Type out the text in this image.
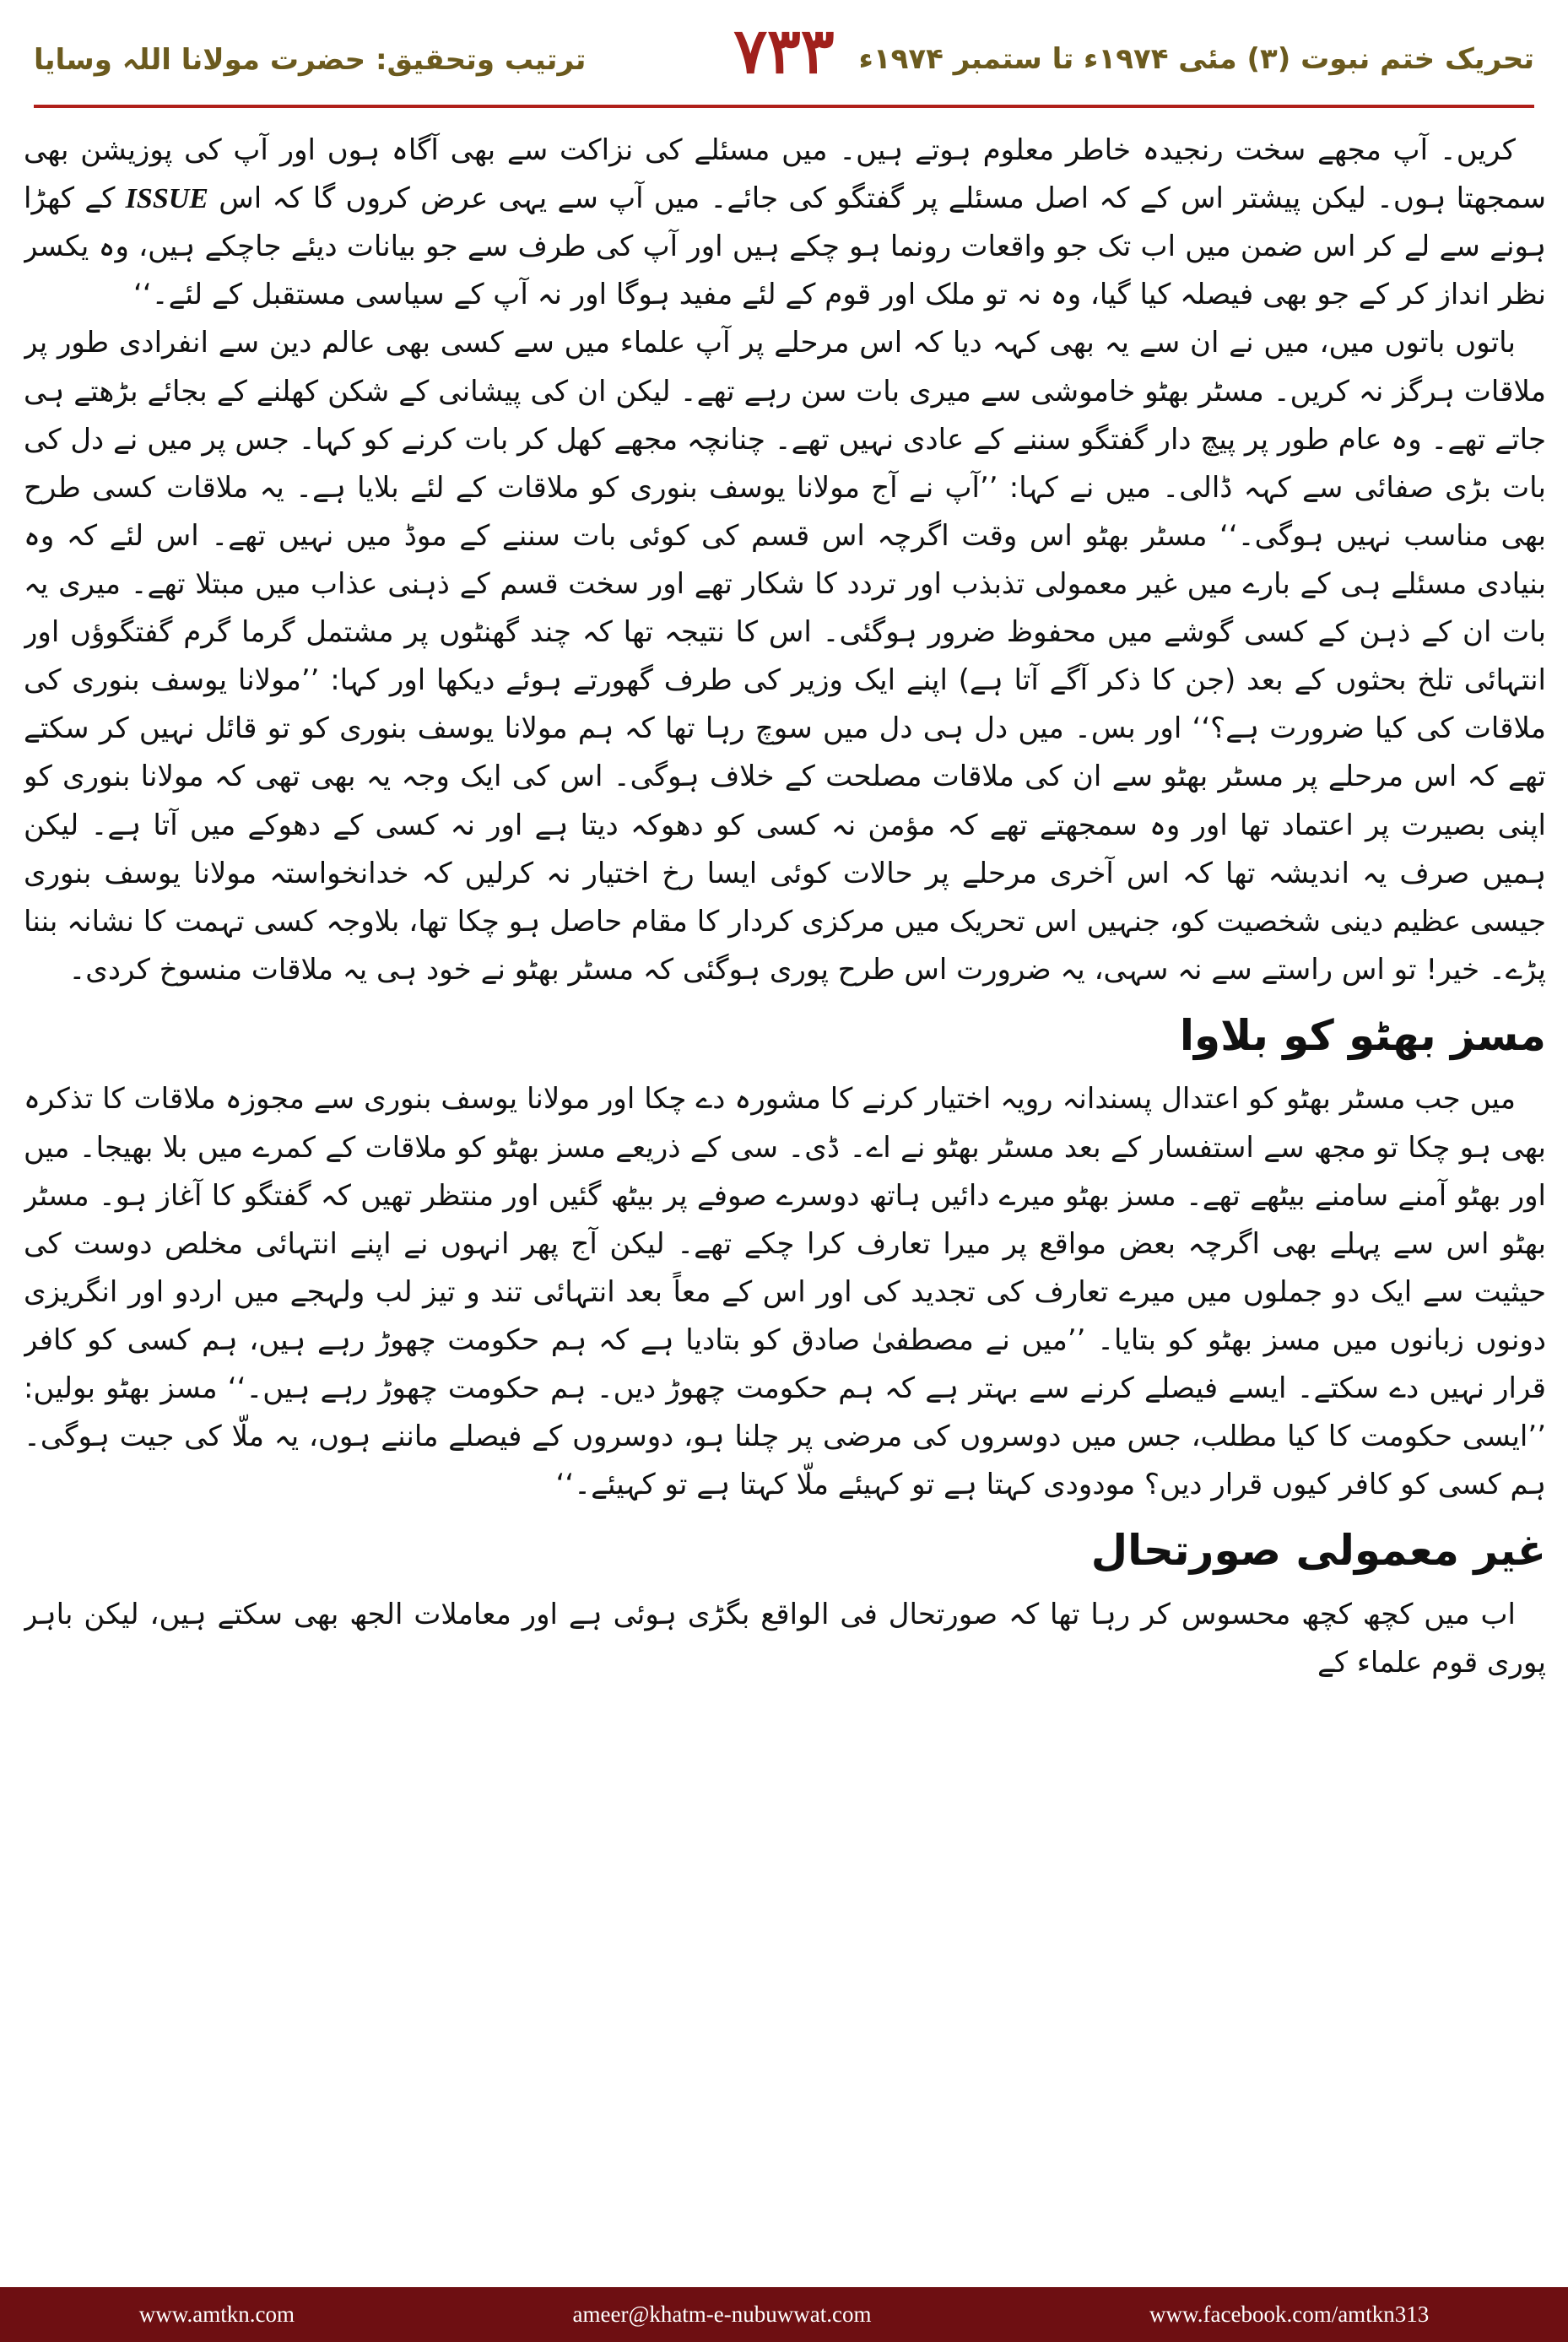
تحریک ختم نبوت (۳) مئی ۱۹۷۴ء تا ستمبر ۱۹۷۴ء
۷۳۳
ترتیب وتحقیق: حضرت مولانا اللہ وسایا

کریں۔ آپ مجھے سخت رنجیدہ خاطر معلوم ہوتے ہیں۔ میں مسئلے کی نزاکت سے بھی آگاہ ہوں اور آپ کی پوزیشن بھی سمجھتا ہوں۔ لیکن پیشتر اس کے کہ اصل مسئلے پر گفتگو کی جائے۔ میں آپ سے یہی عرض کروں گا کہ اس ISSUE کے کھڑا ہونے سے لے کر اس ضمن میں اب تک جو واقعات رونما ہو چکے ہیں اور آپ کی طرف سے جو بیانات دیئے جاچکے ہیں، وہ یکسر نظر انداز کر کے جو بھی فیصلہ کیا گیا، وہ نہ تو ملک اور قوم کے لئے مفید ہوگا اور نہ آپ کے سیاسی مستقبل کے لئے۔‘‘

باتوں باتوں میں، میں نے ان سے یہ بھی کہہ دیا کہ اس مرحلے پر آپ علماء میں سے کسی بھی عالم دین سے انفرادی طور پر ملاقات ہرگز نہ کریں۔ مسٹر بھٹو خاموشی سے میری بات سن رہے تھے۔ لیکن ان کی پیشانی کے شکن کھلنے کے بجائے بڑھتے ہی جاتے تھے۔ وہ عام طور پر پیچ دار گفتگو سننے کے عادی نہیں تھے۔ چنانچہ مجھے کھل کر بات کرنے کو کہا۔ جس پر میں نے دل کی بات بڑی صفائی سے کہہ ڈالی۔ میں نے کہا: ’’آپ نے آج مولانا یوسف بنوری کو ملاقات کے لئے بلایا ہے۔ یہ ملاقات کسی طرح بھی مناسب نہیں ہوگی۔‘‘ مسٹر بھٹو اس وقت اگرچہ اس قسم کی کوئی بات سننے کے موڈ میں نہیں تھے۔ اس لئے کہ وہ بنیادی مسئلے ہی کے بارے میں غیر معمولی تذبذب اور تردد کا شکار تھے اور سخت قسم کے ذہنی عذاب میں مبتلا تھے۔ میری یہ بات ان کے ذہن کے کسی گوشے میں محفوظ ضرور ہوگئی۔ اس کا نتیجہ تھا کہ چند گھنٹوں پر مشتمل گرما گرم گفتگوؤں اور انتہائی تلخ بحثوں کے بعد (جن کا ذکر آگے آتا ہے) اپنے ایک وزیر کی طرف گھورتے ہوئے دیکھا اور کہا: ’’مولانا یوسف بنوری کی ملاقات کی کیا ضرورت ہے؟‘‘ اور بس۔ میں دل ہی دل میں سوچ رہا تھا کہ ہم مولانا یوسف بنوری کو تو قائل نہیں کر سکتے تھے کہ اس مرحلے پر مسٹر بھٹو سے ان کی ملاقات مصلحت کے خلاف ہوگی۔ اس کی ایک وجہ یہ بھی تھی کہ مولانا بنوری کو اپنی بصیرت پر اعتماد تھا اور وہ سمجھتے تھے کہ مؤمن نہ کسی کو دھوکہ دیتا ہے اور نہ کسی کے دھوکے میں آتا ہے۔ لیکن ہمیں صرف یہ اندیشہ تھا کہ اس آخری مرحلے پر حالات کوئی ایسا رخ اختیار نہ کرلیں کہ خدانخواستہ مولانا یوسف بنوری جیسی عظیم دینی شخصیت کو، جنہیں اس تحریک میں مرکزی کردار کا مقام حاصل ہو چکا تھا، بلاوجہ کسی تہمت کا نشانہ بننا پڑے۔ خیر! تو اس راستے سے نہ سہی، یہ ضرورت اس طرح پوری ہوگئی کہ مسٹر بھٹو نے خود ہی یہ ملاقات منسوخ کردی۔

مسز بھٹو کو بلاوا

میں جب مسٹر بھٹو کو اعتدال پسندانہ رویہ اختیار کرنے کا مشورہ دے چکا اور مولانا یوسف بنوری سے مجوزہ ملاقات کا تذکرہ بھی ہو چکا تو مجھ سے استفسار کے بعد مسٹر بھٹو نے اے۔ ڈی۔ سی کے ذریعے مسز بھٹو کو ملاقات کے کمرے میں بلا بھیجا۔ میں اور بھٹو آمنے سامنے بیٹھے تھے۔ مسز بھٹو میرے دائیں ہاتھ دوسرے صوفے پر بیٹھ گئیں اور منتظر تھیں کہ گفتگو کا آغاز ہو۔ مسٹر بھٹو اس سے پہلے بھی اگرچہ بعض مواقع پر میرا تعارف کرا چکے تھے۔ لیکن آج پھر انہوں نے اپنے انتہائی مخلص دوست کی حیثیت سے ایک دو جملوں میں میرے تعارف کی تجدید کی اور اس کے معاً بعد انتہائی تند و تیز لب ولہجے میں اردو اور انگریزی دونوں زبانوں میں مسز بھٹو کو بتایا۔ ’’میں نے مصطفیٰ صادق کو بتادیا ہے کہ ہم حکومت چھوڑ رہے ہیں، ہم کسی کو کافر قرار نہیں دے سکتے۔ ایسے فیصلے کرنے سے بہتر ہے کہ ہم حکومت چھوڑ دیں۔ ہم حکومت چھوڑ رہے ہیں۔‘‘ مسز بھٹو بولیں: ’’ایسی حکومت کا کیا مطلب، جس میں دوسروں کی مرضی پر چلنا ہو، دوسروں کے فیصلے ماننے ہوں، یہ ملّا کی جیت ہوگی۔ ہم کسی کو کافر کیوں قرار دیں؟ مودودی کہتا ہے تو کہیئے ملّا کہتا ہے تو کہیئے۔‘‘

غیر معمولی صورتحال

اب میں کچھ کچھ محسوس کر رہا تھا کہ صورتحال فی الواقع بگڑی ہوئی ہے اور معاملات الجھ بھی سکتے ہیں، لیکن باہر پوری قوم علماء کے

www.amtkn.com	ameer@khatm-e-nubuwwat.com	www.facebook.com/amtkn313
